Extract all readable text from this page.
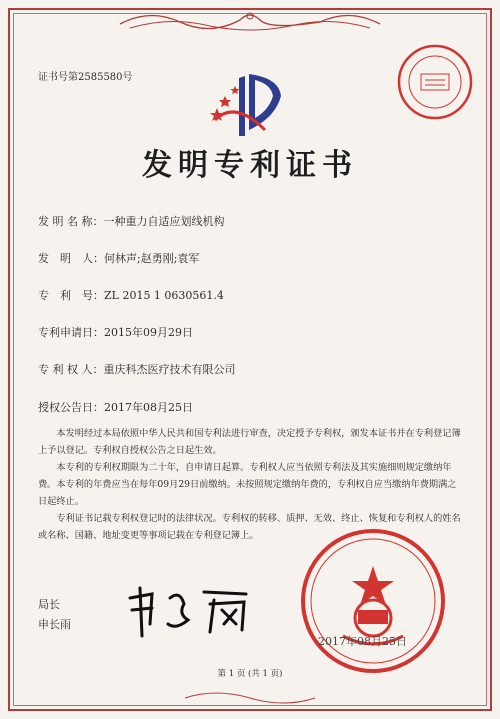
证书号第2585580号
发明专利证书
发 明 名 称：一种重力自适应划线机构
发　明　人：何林声;赵勇刚;袁军
专　利　号：ZL 2015 1 0630561.4
专利申请日：2015年09月29日
专 利 权 人：重庆科杰医疗技术有限公司
授权公告日：2017年08月25日

本发明经过本局依照中华人民共和国专利法进行审查，决定授予专利权，颁发本证书并在专利登记簿上予以登记。专利权自授权公告之日起生效。

本专利的专利权期限为二十年，自申请日起算。专利权人应当依照专利法及其实施细则规定缴纳年费。本专利的年费应当在每年09月29日前缴纳。未按照规定缴纳年费的，专利权自应当缴纳年费期满之日起终止。

专利证书记载专利权登记时的法律状况。专利权的转移、质押、无效、终止、恢复和专利权人的姓名或名称、国籍、地址变更等事项记载在专利登记簿上。

局长
申长雨
2017年08月25日
第 1 页 (共 1 页)
